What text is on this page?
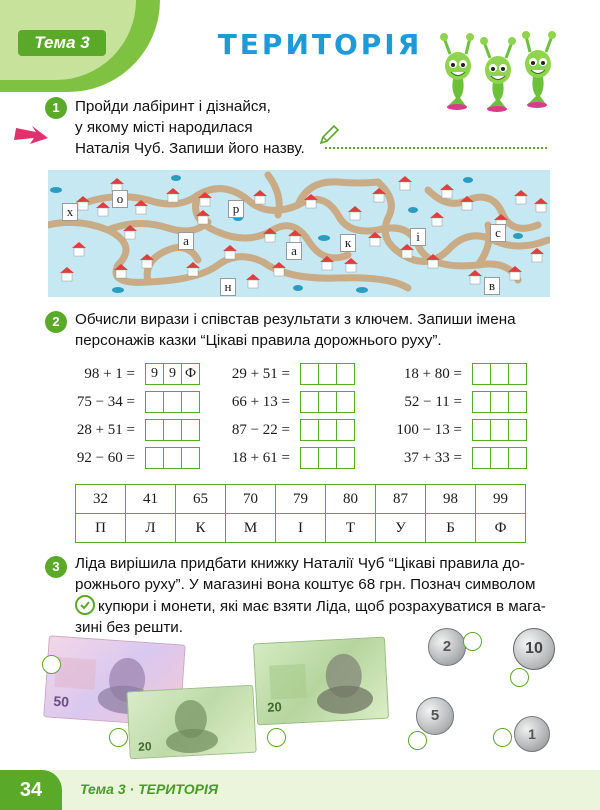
Тема 3	ТЕРИТОРІЯ
1	Пройди лабіринт і дізнайся,
у якому місті народилася
Наталія Чуб. Запиши його назву.
х
о
р
а
а
к	і	с
н	в
2	Обчисли вирази і співстав результати з ключем. Запиши імена
персонажів казки “Цікаві правила дорожнього руху”.
98 + 1 =	9 9 Ф
75 − 34 =
28 + 51 =
92 − 60 =
29 + 51 =
66 + 13 =
87 − 22 =
18 + 61 =
18 + 80 =
52 − 11 =
100 − 13 =
37 + 33 =
32	41	65	70	79	80	87	98	99
П	Л	К	М	І	Т	У	Б	Ф
3	Ліда вирішила придбати книжку Наталії Чуб “Цікаві правила до-
рожнього руху”. У магазині вона коштує 68 грн. Познач символом
купюри і монети, які має взяти Ліда, щоб розрахуватися в мага-
зині без решти.
50
20
20
2	10
5
1
34	Тема 3 · ТЕРИТОРІЯ
